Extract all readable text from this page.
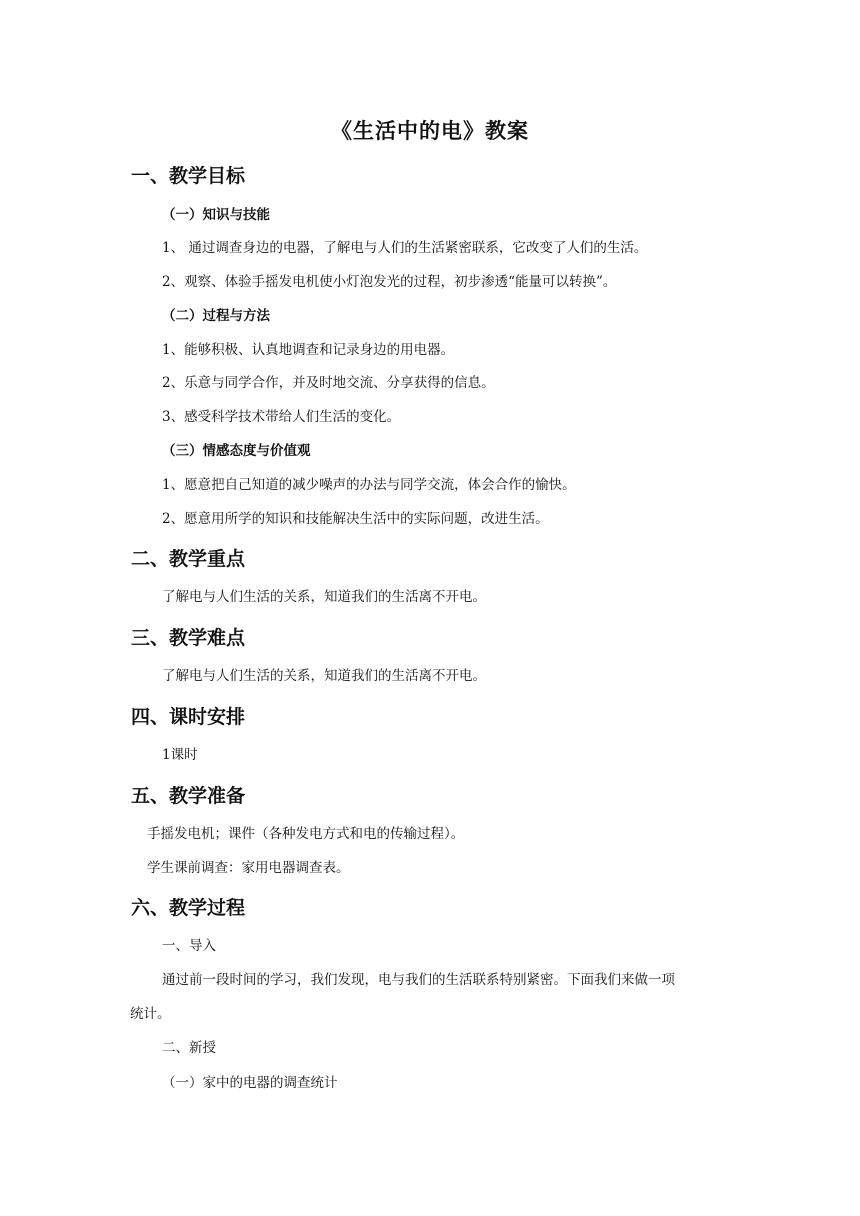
《生活中的电》教案
一、教学目标
（一）知识与技能
1、 通过调查身边的电器，了解电与人们的生活紧密联系，它改变了人们的生活。
2、观察、体验手摇发电机使小灯泡发光的过程，初步渗透“能量可以转换”。
（二）过程与方法
1、能够积极、认真地调查和记录身边的用电器。
2、乐意与同学合作，并及时地交流、分享获得的信息。
3、感受科学技术带给人们生活的变化。
（三）情感态度与价值观
1、愿意把自己知道的减少噪声的办法与同学交流，体会合作的愉快。
2、愿意用所学的知识和技能解决生活中的实际问题，改进生活。
二、教学重点
了解电与人们生活的关系，知道我们的生活离不开电。
三、教学难点
了解电与人们生活的关系，知道我们的生活离不开电。
四、课时安排
1课时
五、教学准备
手摇发电机；课件（各种发电方式和电的传输过程）。
学生课前调查：家用电器调查表。
六、教学过程
一、导入
通过前一段时间的学习，我们发现，电与我们的生活联系特别紧密。下面我们来做一项
统计。
二、新授
（一）家中的电器的调查统计
